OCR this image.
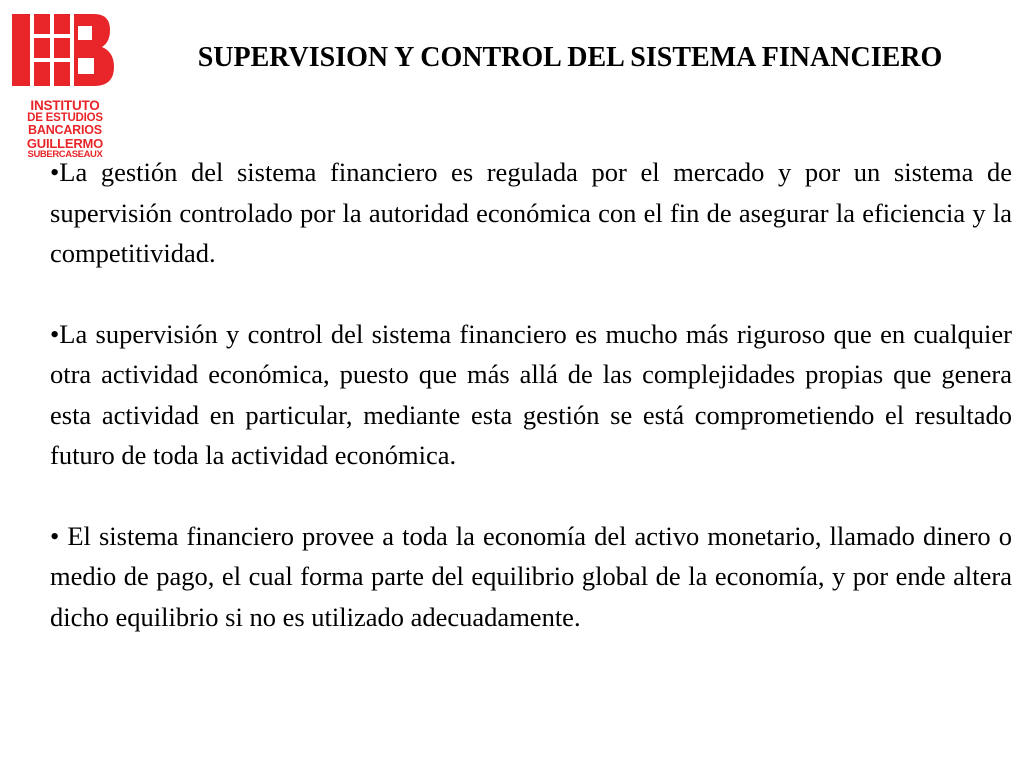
INSTITUTO
DE ESTUDIOS
BANCARIOS
GUILLERMO
SUBERCASEAUX
SUPERVISION Y CONTROL DEL SISTEMA FINANCIERO

•La gestión del sistema financiero es regulada por el mercado y por un sistema de supervisión controlado por la autoridad económica con el fin de asegurar la eficiencia y la competitividad.

•La supervisión y control del sistema financiero es mucho más riguroso que en cualquier otra actividad económica, puesto que más allá de las complejidades propias que genera esta actividad en particular, mediante esta gestión se está comprometiendo el resultado futuro de toda la actividad económica.

• El sistema financiero provee a toda la economía del activo monetario, llamado dinero o medio de pago, el cual forma parte del equilibrio global de la economía, y por ende altera dicho equilibrio si no es utilizado adecuadamente.
